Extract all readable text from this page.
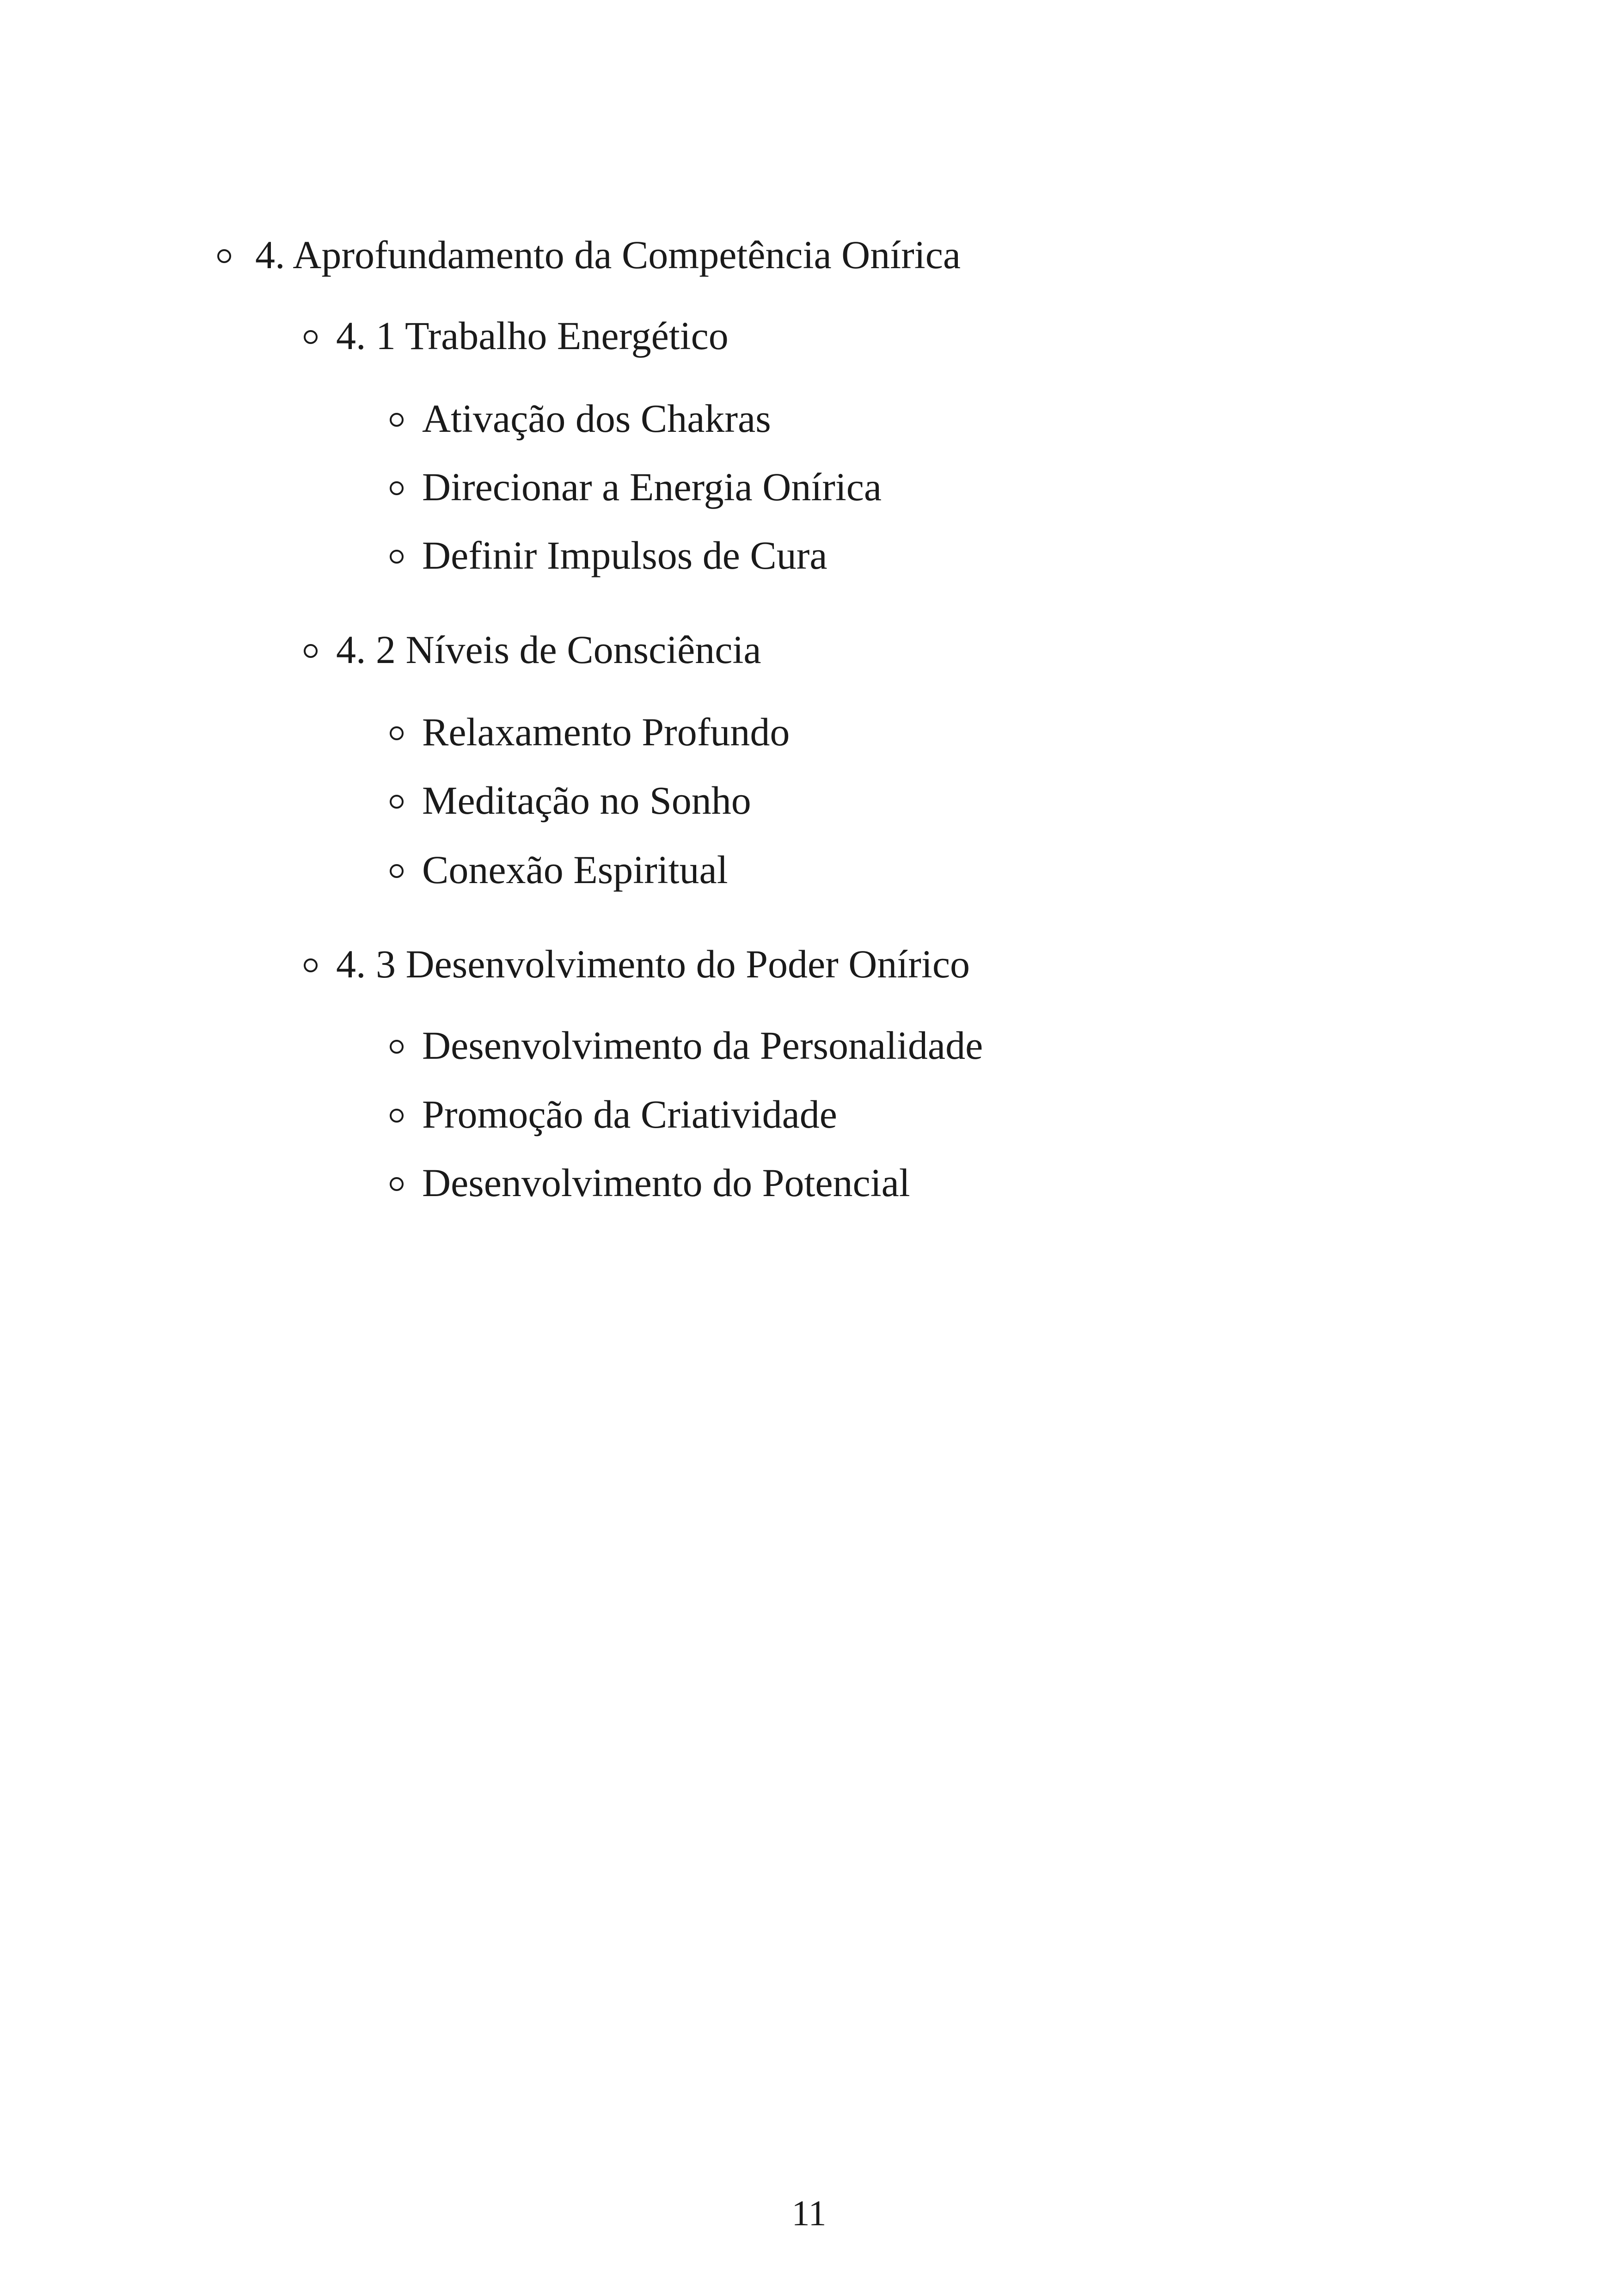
4. Aprofundamento da Competência Onírica
4. 1 Trabalho Energético
Ativação dos Chakras
Direcionar a Energia Onírica
Definir Impulsos de Cura
4. 2 Níveis de Consciência
Relaxamento Profundo
Meditação no Sonho
Conexão Espiritual
4. 3 Desenvolvimento do Poder Onírico
Desenvolvimento da Personalidade
Promoção da Criatividade
Desenvolvimento do Potencial
11
